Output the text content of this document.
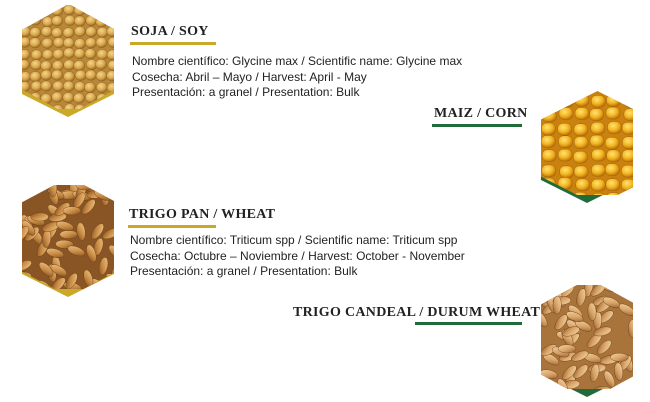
SOJA / SOY
Nombre científico: Glycine max / Scientific name: Glycine max
Cosecha: Abril – Mayo / Harvest: April - May
Presentación: a granel / Presentation: Bulk
MAIZ / CORN
TRIGO PAN / WHEAT
Nombre científico: Triticum spp / Scientific name: Triticum spp
Cosecha: Octubre – Noviembre / Harvest: October - November
Presentación: a granel / Presentation: Bulk
TRIGO CANDEAL / DURUM WHEAT
